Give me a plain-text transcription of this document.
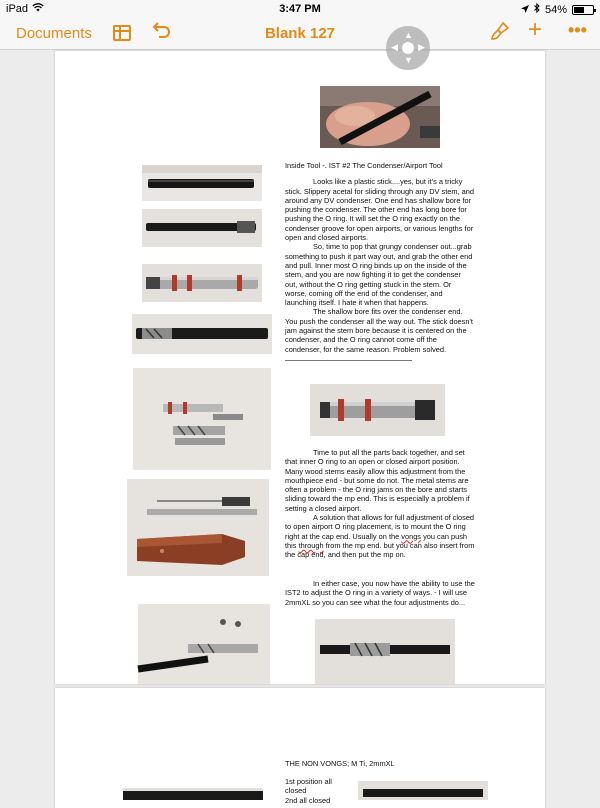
iPad	3:47 PM	54%
Documents	Blank 127	+ •••
▲
▼
◀ ▶

Inside Tool -. IST #2 The Condenser/Airport Tool

Looks like a plastic stick....yes, but it's a tricky stick. Slippery acetal for sliding through any DV stem, and around any DV condenser. One end has shallow bore for pushing the condenser. The other end has long bore for pushing the O ring. It will set the O ring exactly on the condenser groove for open airports, or various lengths for open and closed airports.

So, time to pop that grungy condenser out...grab something to push it part way out, and grab the other end and pull. Inner most O ring binds up on the inside of the stem, and you are now fighting it to get the condenser out, without the O ring getting stuck in the stem. Or worse, coming off the end of the condenser, and launching itself. I hate it when that happens.

The shallow bore fits over the condenser end. You push the condenser all the way out. The stick doesn't jam against the stem bore because it is centered on the condenser, and the O ring cannot come off the condenser, for the same reason. Problem solved.

Time to put all the parts back together, and set that inner O ring to an open or closed airport position. Many wood stems easily allow this adjustment from the mouthpiece end - but some do not. The metal stems are often a problem - the O ring jams on the bore and starts sliding toward the mp end. This is especially a problem if setting a closed airport.

A solution that allows for full adjustment of closed to open airport O ring placement, is to mount the O ring right at the cap end. Usually on the vongs you can push this through from the mp end. but you can also insert from the cap end, and then put the mp on.

In either case, you now have the ability to use the IST2 to adjust the O ring in a variety of ways. - I will use 2mmXL so you can see what the four adjustments do...

THE NON VONGS; M Ti, 2mmXL

1st position all

closed

2nd all closed
